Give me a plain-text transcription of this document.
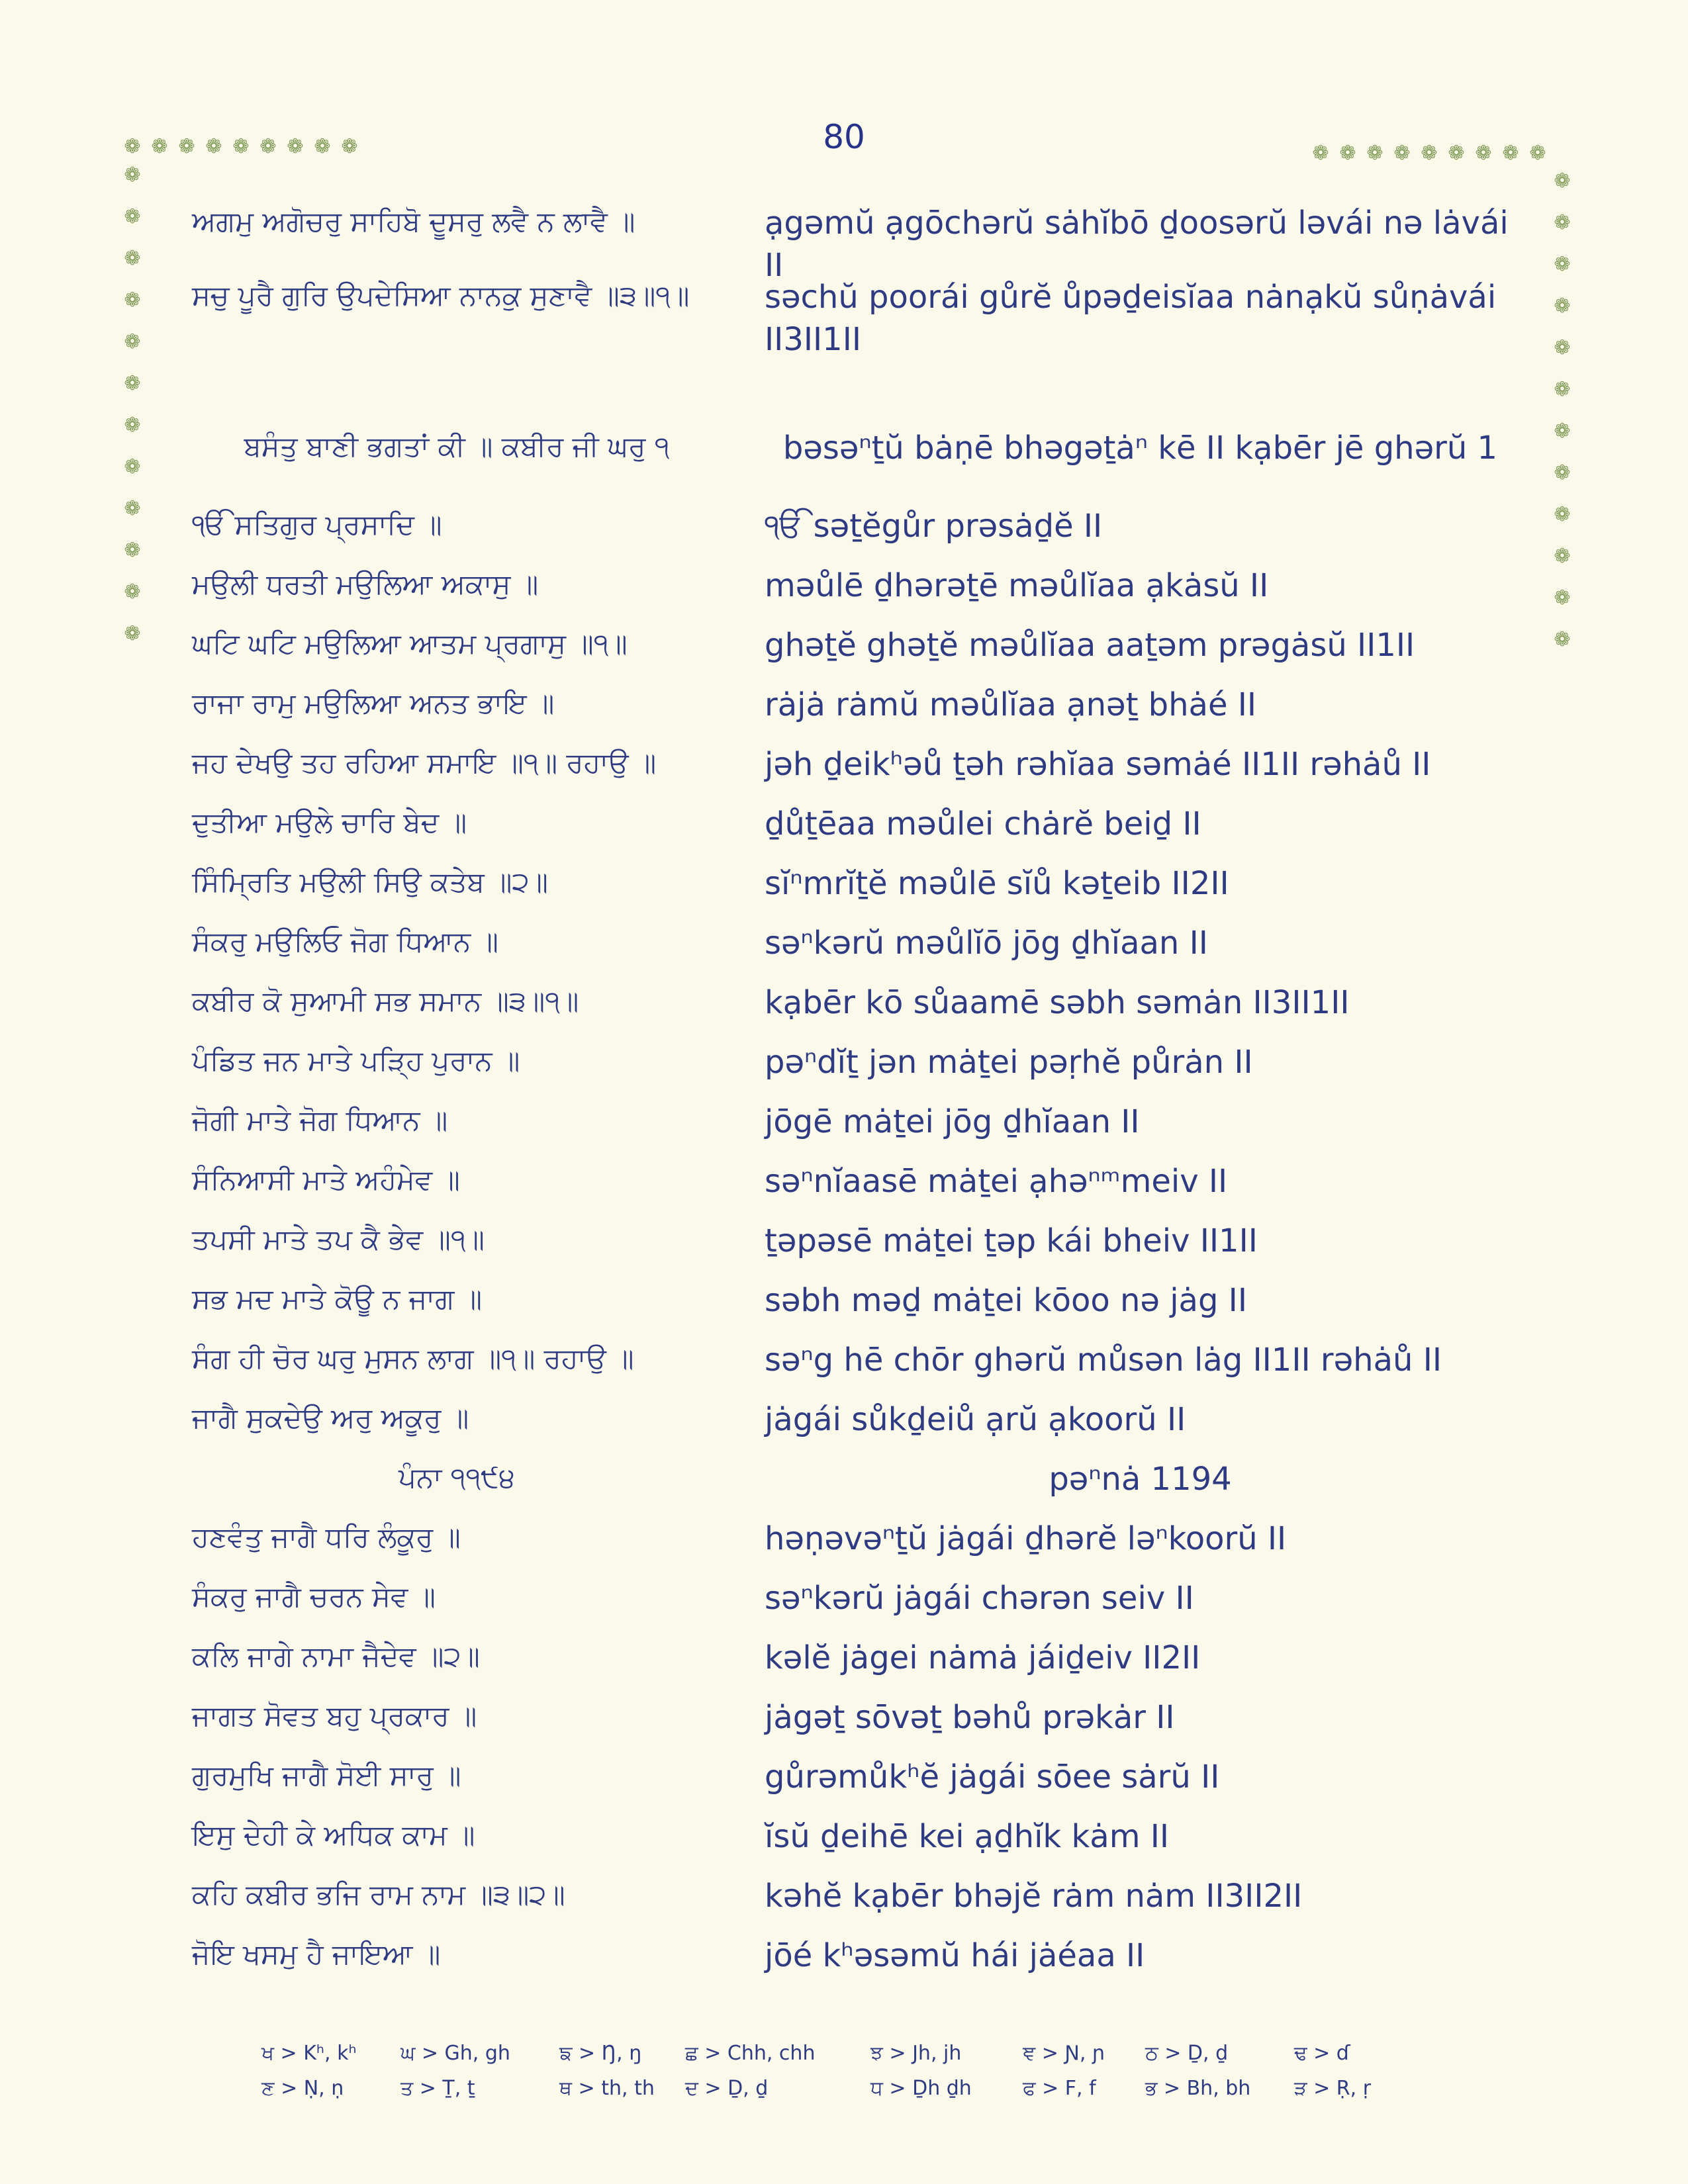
80
❁ ❁ ❁ ❁ ❁ ❁ ❁ ❁ ❁
❁
❁
❁
❁
❁
❁
❁
❁
❁
❁
❁
❁
❁ ❁ ❁ ❁ ❁ ❁ ❁ ❁ ❁
❁
❁
❁
❁
❁
❁
❁
❁
❁
❁
❁
❁
ਅਗਮੁ ਅਗੋਚਰੁ ਸਾਹਿਬੋ ਦੂਸਰੁ ਲਵੈ ਨ ਲਾਵੈ ॥	ạgəmŭ ạgōchərŭ sȧhĭbō ḏoosərŭ ləvái nə lȧvái II
ਸਚੁ ਪੂਰੈ ਗੁਰਿ ਉਪਦੇਸਿਆ ਨਾਨਕੁ ਸੁਣਾਵੈ ॥੩॥੧॥	səchŭ poorái gůrĕ ůpəḏeisĭaa nȧnạkŭ sůṇȧvái II3II1II
ਬਸੰਤੁ ਬਾਣੀ ਭਗਤਾਂ ਕੀ ॥ ਕਬੀਰ ਜੀ ਘਰੁ ੧	bəsəⁿṯŭ bȧṇē bhəgəṯȧⁿ kē II kạbēr jē ghərŭ 1
ੴ ਸਤਿਗੁਰ ਪ੍ਰਸਾਦਿ ॥	ੴ səṯĕgůr prəsȧḏĕ II
ਮਉਲੀ ਧਰਤੀ ਮਉਲਿਆ ਅਕਾਸੁ ॥	məůlē ḏhərəṯē məůlĭaa ạkȧsŭ II
ਘਟਿ ਘਟਿ ਮਉਲਿਆ ਆਤਮ ਪ੍ਰਗਾਸੁ ॥੧॥	ghəṯĕ ghəṯĕ məůlĭaa aaṯəm prəgȧsŭ II1II
ਰਾਜਾ ਰਾਮੁ ਮਉਲਿਆ ਅਨਤ ਭਾਇ ॥	rȧjȧ rȧmŭ məůlĭaa ạnəṯ bhȧé II
ਜਹ ਦੇਖਉ ਤਹ ਰਹਿਆ ਸਮਾਇ ॥੧॥ ਰਹਾਉ ॥	jəh ḏeikʰəů ṯəh rəhĭaa səmȧé II1II rəhȧů II
ਦੁਤੀਆ ਮਉਲੇ ਚਾਰਿ ਬੇਦ ॥	ḏůṯēaa məůlei chȧrĕ beiḏ II
ਸਿੰਮ੍ਰਿਤਿ ਮਉਲੀ ਸਿਉ ਕਤੇਬ ॥੨॥	sĭⁿmrĭṯĕ məůlē sĭů kəṯeib II2II
ਸੰਕਰੁ ਮਉਲਿਓ ਜੋਗ ਧਿਆਨ ॥	səⁿkərŭ məůlĭō jōg ḏhĭaan II
ਕਬੀਰ ਕੋ ਸੁਆਮੀ ਸਭ ਸਮਾਨ ॥੩॥੧॥	kạbēr kō sůaamē səbh səmȧn II3II1II
ਪੰਡਿਤ ਜਨ ਮਾਤੇ ਪੜ੍ਹਿ ਪੁਰਾਨ ॥	pəⁿdĭṯ jən mȧṯei pəṛhĕ půrȧn II
ਜੋਗੀ ਮਾਤੇ ਜੋਗ ਧਿਆਨ ॥	jōgē mȧṯei jōg ḏhĭaan II
ਸੰਨਿਆਸੀ ਮਾਤੇ ਅਹੰਮੇਵ ॥	səⁿnĭaasē mȧṯei ạhəⁿᵐmeiv II
ਤਪਸੀ ਮਾਤੇ ਤਪ ਕੈ ਭੇਵ ॥੧॥	ṯəpəsē mȧṯei ṯəp kái bheiv II1II
ਸਭ ਮਦ ਮਾਤੇ ਕੋਊ ਨ ਜਾਗ ॥	səbh məḏ mȧṯei kōoo nə jȧg II
ਸੰਗ ਹੀ ਚੋਰ ਘਰੁ ਮੁਸਨ ਲਾਗ ॥੧॥ ਰਹਾਉ ॥	səⁿg hē chōr ghərŭ můsən lȧg II1II rəhȧů II
ਜਾਗੈ ਸੁਕਦੇਉ ਅਰੁ ਅਕੂਰੁ ॥	jȧgái sůkḏeiů ạrŭ ạkoorŭ II
ਪੰਨਾ ੧੧੯੪	pəⁿnȧ 1194
ਹਣਵੰਤੁ ਜਾਗੈ ਧਰਿ ਲੰਕੂਰੁ ॥	həṇəvəⁿṯŭ jȧgái ḏhərĕ ləⁿkoorŭ II
ਸੰਕਰੁ ਜਾਗੈ ਚਰਨ ਸੇਵ ॥	səⁿkərŭ jȧgái chərən seiv II
ਕਲਿ ਜਾਗੇ ਨਾਮਾ ਜੈਦੇਵ ॥੨॥	kəlĕ jȧgei nȧmȧ jáiḏeiv II2II
ਜਾਗਤ ਸੋਵਤ ਬਹੁ ਪ੍ਰਕਾਰ ॥	jȧgəṯ sōvəṯ bəhů prəkȧr II
ਗੁਰਮੁਖਿ ਜਾਗੈ ਸੋਈ ਸਾਰੁ ॥	gůrəmůkʰĕ jȧgái sōee sȧrŭ II
ਇਸੁ ਦੇਹੀ ਕੇ ਅਧਿਕ ਕਾਮ ॥	ĭsŭ ḏeihē kei ạḏhĭk kȧm II
ਕਹਿ ਕਬੀਰ ਭਜਿ ਰਾਮ ਨਾਮ ॥੩॥੨॥	kəhĕ kạbēr bhəjĕ rȧm nȧm II3II2II
ਜੋਇ ਖਸਮੁ ਹੈ ਜਾਇਆ ॥	jōé kʰəsəmŭ hái jȧéaa II
ਖ > Kʰ, kʰ ਘ > Gh, gh ਙ > Ŋ, ŋ ਛ > Chh, chh	ਝ > Jh, jh	ਞ > Ɲ, ɲ ਠ > Ḏ, ḏ	ਢ > ɗ
ਣ > Ṇ, ṇ	ਤ > Ṯ, ṯ	ਥ > th, th ਦ > Ḏ, ḏ	ਧ > Ḏh ḏh	ਫ > F, f ਭ > Bh, bh ੜ > Ṛ, ṛ
